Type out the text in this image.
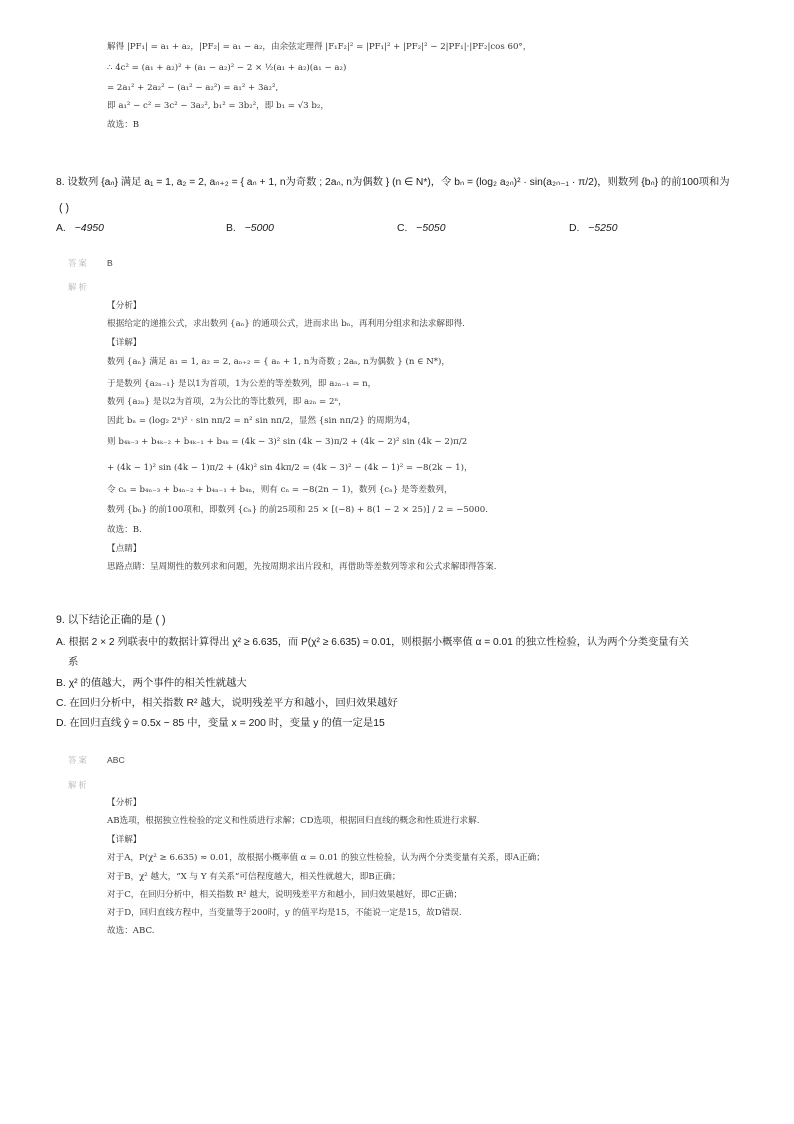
解得 |PF₁| = a₁ + a₂，|PF₂| = a₁ − a₂，由余弦定理得 |F₁F₂|² = |PF₁|² + |PF₂|² − 2|PF₁|·|PF₂|cos 60°，
∴ 4c² = (a₁ + a₂)² + (a₁ − a₂)² − 2 × ½(a₁ + a₂)(a₁ − a₂)
= 2a₁² + 2a₂² − (a₁² − a₂²) = a₁² + 3a₂²,
即 a₁² − c² = 3c² − 3a₂², b₁² = 3b₂²，即 b₁ = √3 b₂，
故选：B
8. 设数列 {aₙ} 满足 a₁ = 1, a₂ = 2, aₙ₊₂ = { aₙ + 1, n为奇数 ; 2aₙ, n为偶数 } (n ∈ N*)，令 bₙ = (log₂ a₂ₙ)² · sin(a₂ₙ₋₁ · π/2)，则数列 {bₙ} 的前100项和为
( )
A. −4950	B. −5000	C. −5050	D. −5250
答案 B
解析
【分析】
根据给定的递推公式，求出数列 {aₙ} 的通项公式，进而求出 bₙ，再利用分组求和法求解即得.
【详解】
数列 {aₙ} 满足 a₁ = 1, a₂ = 2, aₙ₊₂ = { aₙ + 1, n为奇数 ; 2aₙ, n为偶数 } (n ∈ N*)，
于是数列 {a₂ₙ₋₁} 是以1为首项，1为公差的等差数列，即 a₂ₙ₋₁ = n，
数列 {a₂ₙ} 是以2为首项，2为公比的等比数列，即 a₂ₙ = 2ⁿ，
因此 bₙ = (log₂ 2ⁿ)² · sin nπ/2 = n² sin nπ/2，显然 {sin nπ/2} 的周期为4，
则 b₄ₖ₋₃ + b₄ₖ₋₂ + b₄ₖ₋₁ + b₄ₖ = (4k − 3)² sin (4k − 3)π/2 + (4k − 2)² sin (4k − 2)π/2
+ (4k − 1)² sin (4k − 1)π/2 + (4k)² sin 4kπ/2 = (4k − 3)² − (4k − 1)² = −8(2k − 1)，
令 cₙ = b₄ₙ₋₃ + b₄ₙ₋₂ + b₄ₙ₋₁ + b₄ₙ，则有 cₙ = −8(2n − 1)，数列 {cₙ} 是等差数列，
数列 {bₙ} 的前100项和，即数列 {cₙ} 的前25项和 25 × [(−8) + 8(1 − 2 × 25)] / 2 = −5000.
故选：B.
【点睛】
思路点睛：呈周期性的数列求和问题，先按周期求出片段和，再借助等差数列等求和公式求解即得答案.
9. 以下结论正确的是 ( )
A. 根据 2 × 2 列联表中的数据计算得出 χ² ≥ 6.635，而 P(χ² ≥ 6.635) ≈ 0.01，则根据小概率值 α = 0.01 的独立性检验，认为两个分类变量有关
系
B. χ² 的值越大，两个事件的相关性就越大
C. 在回归分析中，相关指数 R² 越大，说明残差平方和越小，回归效果越好
D. 在回归直线 ŷ = 0.5x − 85 中，变量 x = 200 时，变量 y 的值一定是15
答案 ABC
解析
【分析】
AB选项，根据独立性检验的定义和性质进行求解；CD选项，根据回归直线的概念和性质进行求解.
【详解】
对于A，P(χ² ≥ 6.635) ≈ 0.01，故根据小概率值 α = 0.01 的独立性检验，认为两个分类变量有关系，即A正确；
对于B，χ² 越大，“X 与 Y 有关系”可信程度越大，相关性就越大，即B正确；
对于C，在回归分析中，相关指数 R² 越大，说明残差平方和越小，回归效果越好，即C正确；
对于D，回归直线方程中，当变量等于200时，y 的值平均是15，不能说一定是15，故D错误.
故选：ABC.
